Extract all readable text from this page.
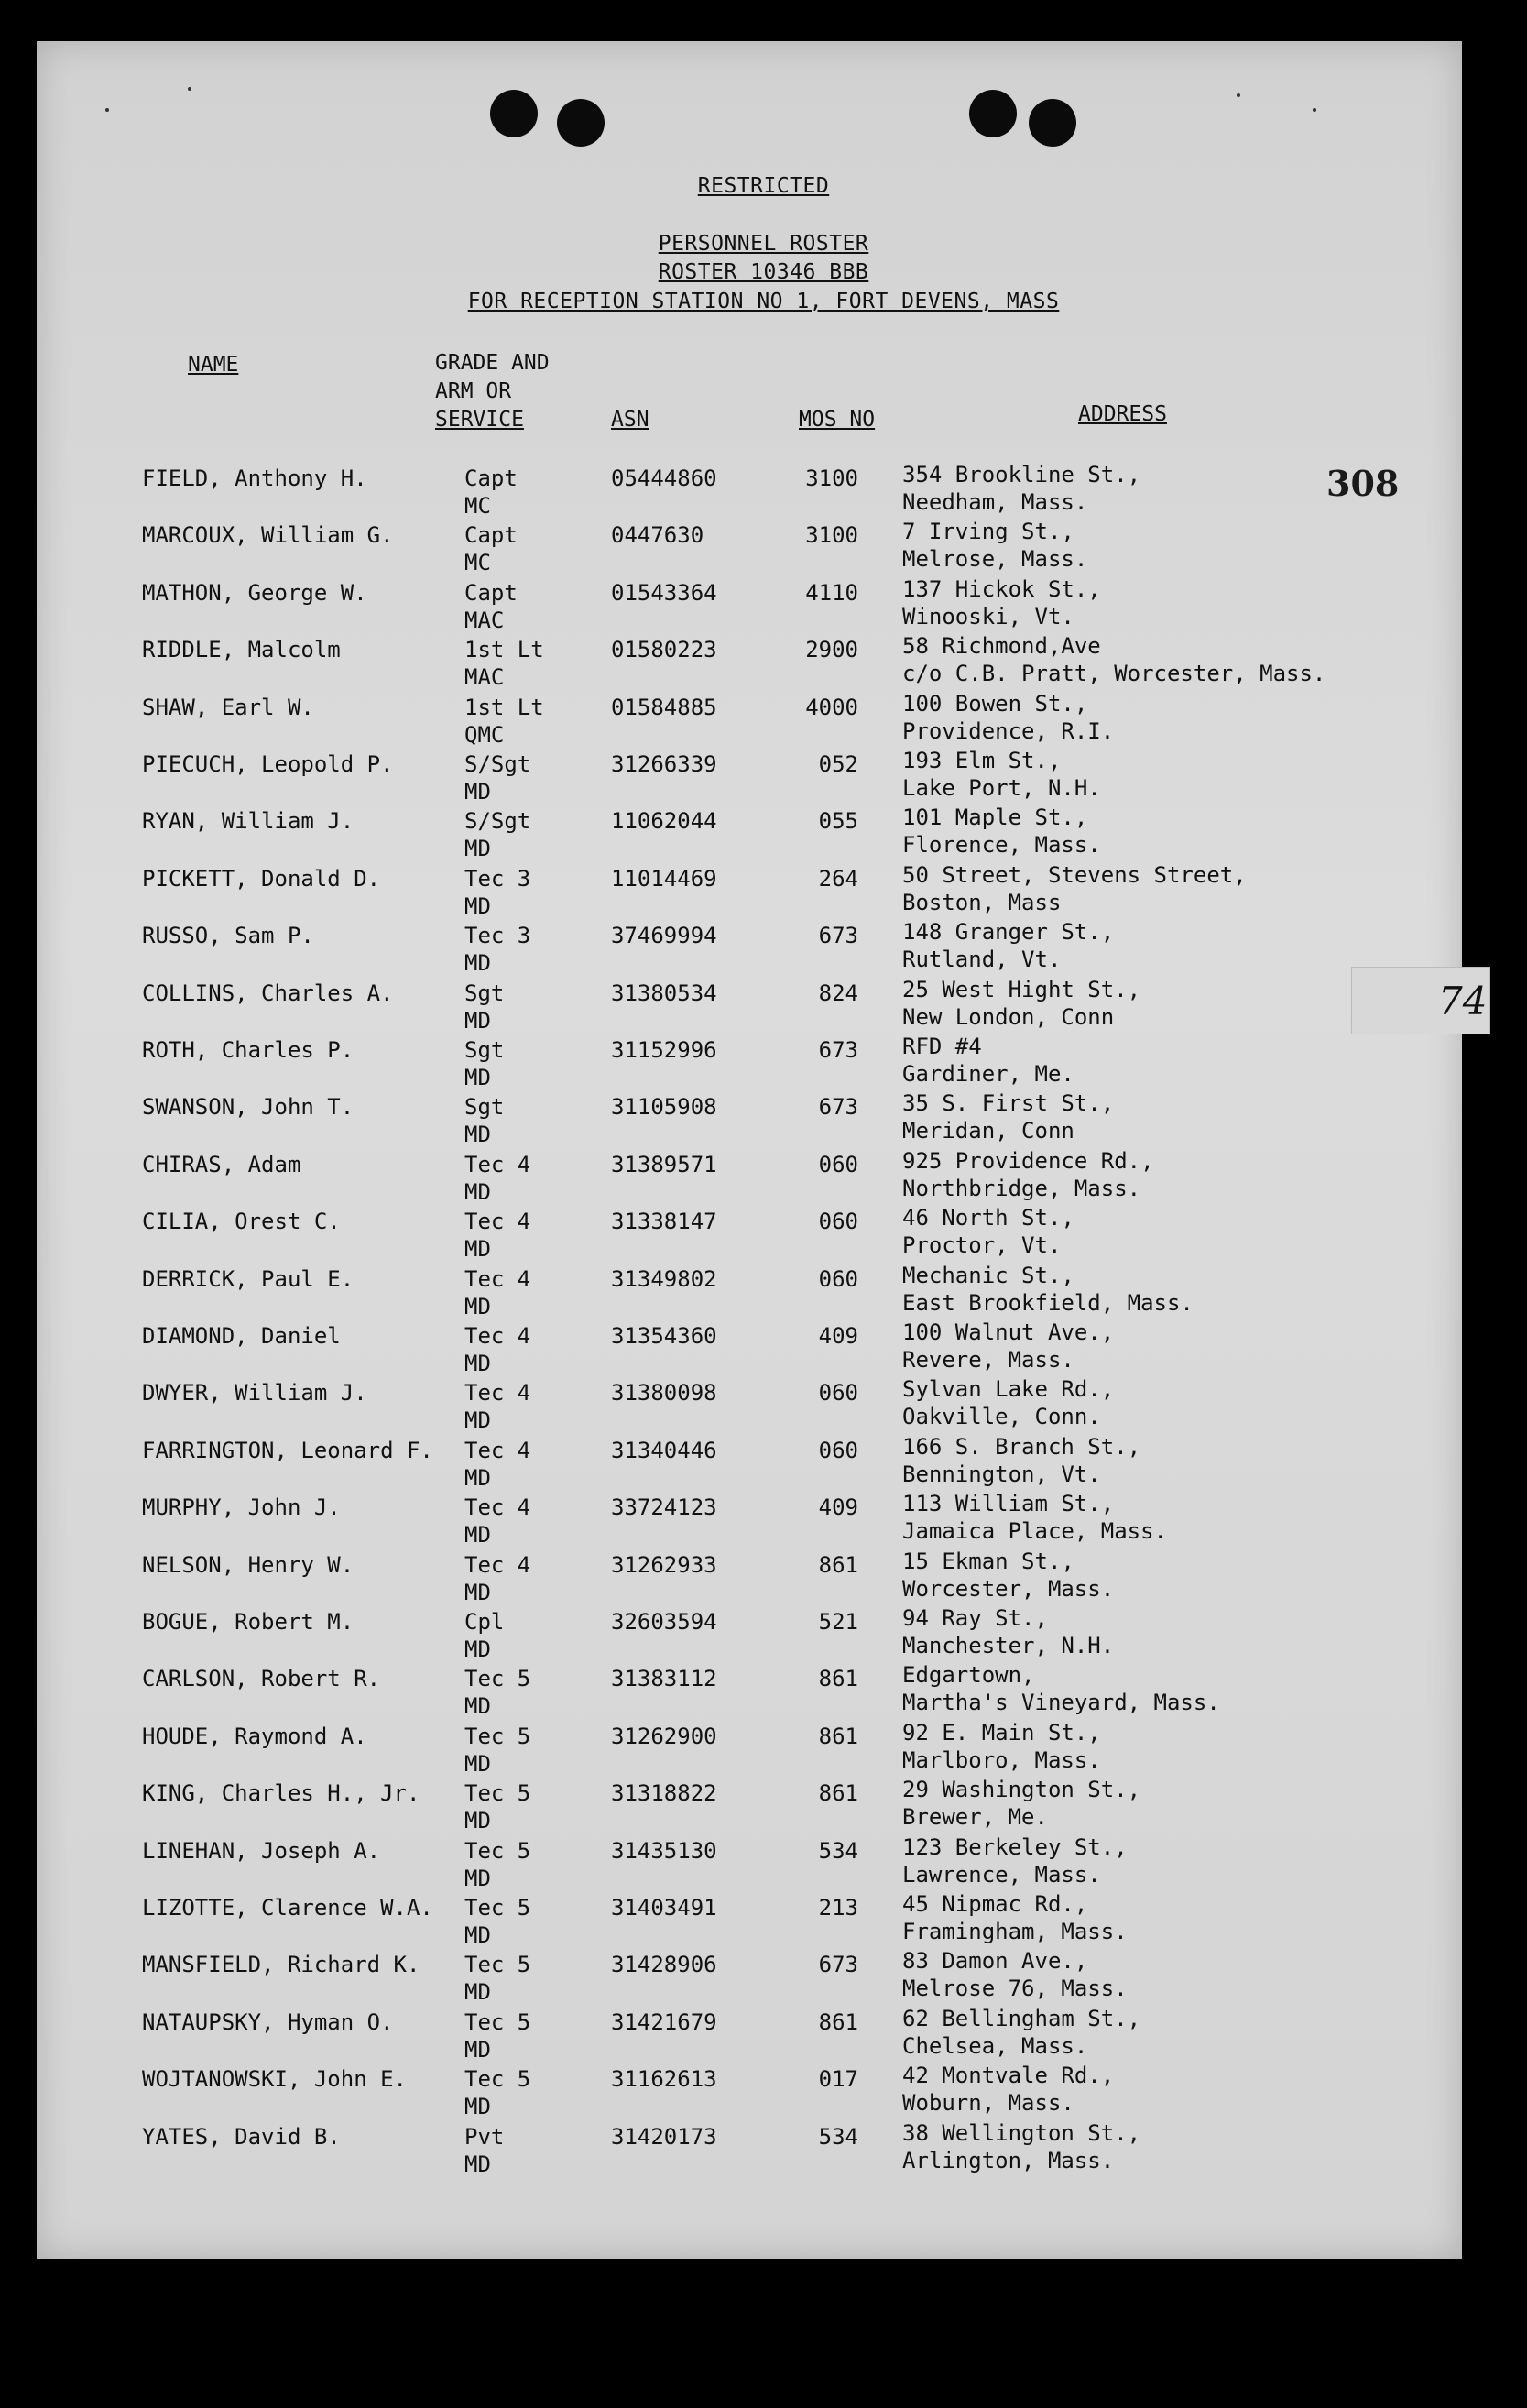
RESTRICTED
PERSONNEL ROSTER
ROSTER 10346 BBB
FOR RECEPTION STATION NO 1, FORT DEVENS, MASS
NAME	GRADE AND
ARM OR
SERVICE	ASN	MOS NO	ADDRESS
FIELD, Anthony H.	Capt
MC
05444860	3100 354 Brookline St.,
Needham, Mass.
MARCOUX, William G.	Capt
MC
0447630	3100 7 Irving St.,
Melrose, Mass.
MATHON, George W.	Capt
MAC
01543364	4110 137 Hickok St.,
Winooski, Vt.
RIDDLE, Malcolm	1st Lt
MAC
01580223	2900 58 Richmond,Ave
c/o C.B. Pratt, Worcester, Mass.
SHAW, Earl W.	1st Lt
QMC
01584885	4000 100 Bowen St.,
Providence, R.I.
PIECUCH, Leopold P.	S/Sgt
MD
31266339	052 193 Elm St.,
Lake Port, N.H.
RYAN, William J.	S/Sgt
MD
11062044	055 101 Maple St.,
Florence, Mass.
PICKETT, Donald D.	Tec 3
MD
11014469	264 50 Street, Stevens Street,
Boston, Mass
RUSSO, Sam P.	Tec 3
MD
37469994	673 148 Granger St.,
Rutland, Vt.
COLLINS, Charles A.	Sgt
MD
31380534	824 25 West Hight St.,
New London, Conn
ROTH, Charles P.	Sgt
MD
31152996	673 RFD #4
Gardiner, Me.
SWANSON, John T.	Sgt
MD
31105908	673 35 S. First St.,
Meridan, Conn
CHIRAS, Adam	Tec 4
MD
31389571	060 925 Providence Rd.,
Northbridge, Mass.
CILIA, Orest C.	Tec 4
MD
31338147	060 46 North St.,
Proctor, Vt.
DERRICK, Paul E.	Tec 4
MD
31349802	060 Mechanic St.,
East Brookfield, Mass.
DIAMOND, Daniel	Tec 4
MD
31354360	409 100 Walnut Ave.,
Revere, Mass.
DWYER, William J.	Tec 4
MD
31380098	060 Sylvan Lake Rd.,
Oakville, Conn.
FARRINGTON, Leonard F. Tec 4
MD
31340446	060 166 S. Branch St.,
Bennington, Vt.
MURPHY, John J.	Tec 4
MD
33724123	409 113 William St.,
Jamaica Place, Mass.
NELSON, Henry W.	Tec 4
MD
31262933	861 15 Ekman St.,
Worcester, Mass.
BOGUE, Robert M.	Cpl
MD
32603594	521 94 Ray St.,
Manchester, N.H.
CARLSON, Robert R.	Tec 5
MD
31383112	861 Edgartown,
Martha's Vineyard, Mass.
HOUDE, Raymond A.	Tec 5
MD
31262900	861 92 E. Main St.,
Marlboro, Mass.
KING, Charles H., Jr. Tec 5
MD
31318822	861 29 Washington St.,
Brewer, Me.
LINEHAN, Joseph A.	Tec 5
MD
31435130	534 123 Berkeley St.,
Lawrence, Mass.
LIZOTTE, Clarence W.A. Tec 5
MD
31403491	213 45 Nipmac Rd.,
Framingham, Mass.
MANSFIELD, Richard K. Tec 5
MD
31428906	673 83 Damon Ave.,
Melrose 76, Mass.
NATAUPSKY, Hyman O.	Tec 5
MD
31421679	861 62 Bellingham St.,
Chelsea, Mass.
WOJTANOWSKI, John E.	Tec 5
MD
31162613	017 42 Montvale Rd.,
Woburn, Mass.
YATES, David B.	Pvt
MD
31420173	534 38 Wellington St.,
Arlington, Mass.
308
74
